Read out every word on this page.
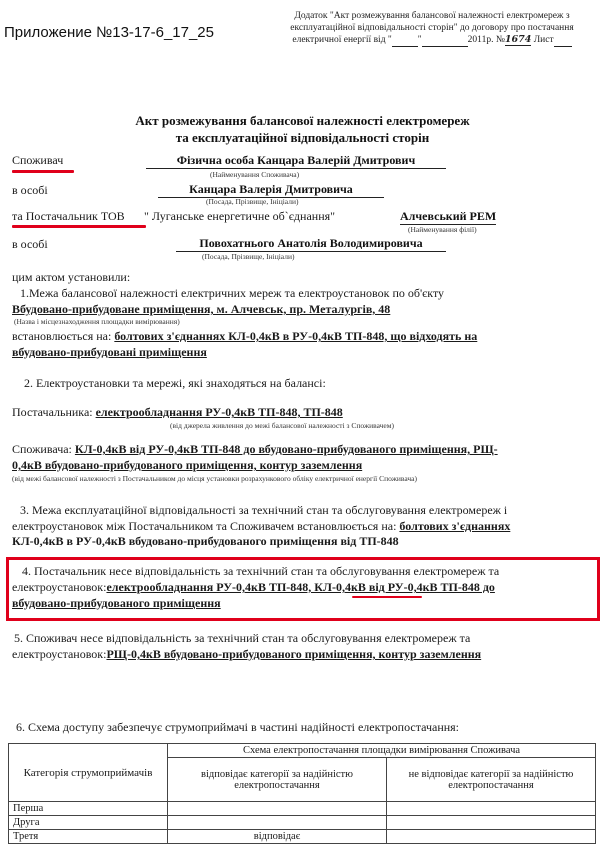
Приложение №13-17-6_17_25
Додаток "Акт розмежування балансової належності електромереж з
експлуатаційної відповідальності сторін" до договору про постачання
електричної енергії від "	"	2011р. №1674 Лист
Акт розмежування балансової належності електромереж
та експлуатаційної відповідальності сторін
Споживач	Фізична особа Канцара Валерій Дмитрович
(Найменування Споживача)
в особі	Канцара Валерія Дмитровича
(Посада, Прізвище, Ініціали)
та Постачальник ТОВ " Луганське енергетичне об`єднання"	Алчевський РЕМ
(Найменування філії)
в особі	Повохатнього Анатолія Володимировича
(Посада, Прізвище, Ініціали)
цим актом установили:
1.Межа балансової належності електричних мереж та електроустановок по об'єкту
Вбудовано-прибудоване приміщення, м. Алчевськ, пр. Металургів, 48
(Назва і місцезнаходження площадки вимірювання)
встановлюється на: болтових з'єднаннях КЛ-0,4кВ в РУ-0,4кВ ТП-848, що відходять на
вбудовано-прибудовані приміщення
2. Електроустановки та мережі, які знаходяться на балансі:
Постачальника: електрообладнання РУ-0,4кВ ТП-848, ТП-848
(від джерела живлення до межі балансової належності з Споживачем)
Споживача: КЛ-0,4кВ від РУ-0,4кВ ТП-848 до вбудовано-прибудованого приміщення, РЩ-
0,4кВ вбудовано-прибудованого приміщення, контур заземлення
(від межі балансової належності з Постачальником до місця установки розрахункового обліку електричної енергії Споживача)
3. Межа експлуатаційної відповідальності за технічний стан та обслуговування електромереж і
електроустановок між Постачальником та Споживачем встановлюється на: болтових з'єднаннях
КЛ-0,4кВ в РУ-0,4кВ вбудовано-прибудованого приміщення від ТП-848
4. Постачальник несе відповідальність за технічний стан та обслуговування електромереж та
електроустановок:електрообладнання РУ-0,4кВ ТП-848, КЛ-0,4кВ від РУ-0,4кВ ТП-848 до
вбудовано-прибудованого приміщення
5. Споживач несе відповідальність за технічний стан та обслуговування електромереж та
електроустановок:РЩ-0,4кВ вбудовано-прибудованого приміщення, контур заземлення
6. Схема доступу забезпечує струмоприймачі в частині надійності електропостачання:
Категорія струмоприймачів	Схема електропостачання площадки вимірювання Споживача	
	відповідає категорії за надійністю електропостачання	не відповідає категорії за надійністю електропостачання
Перша		
Друга		
Третя	відповідає	
